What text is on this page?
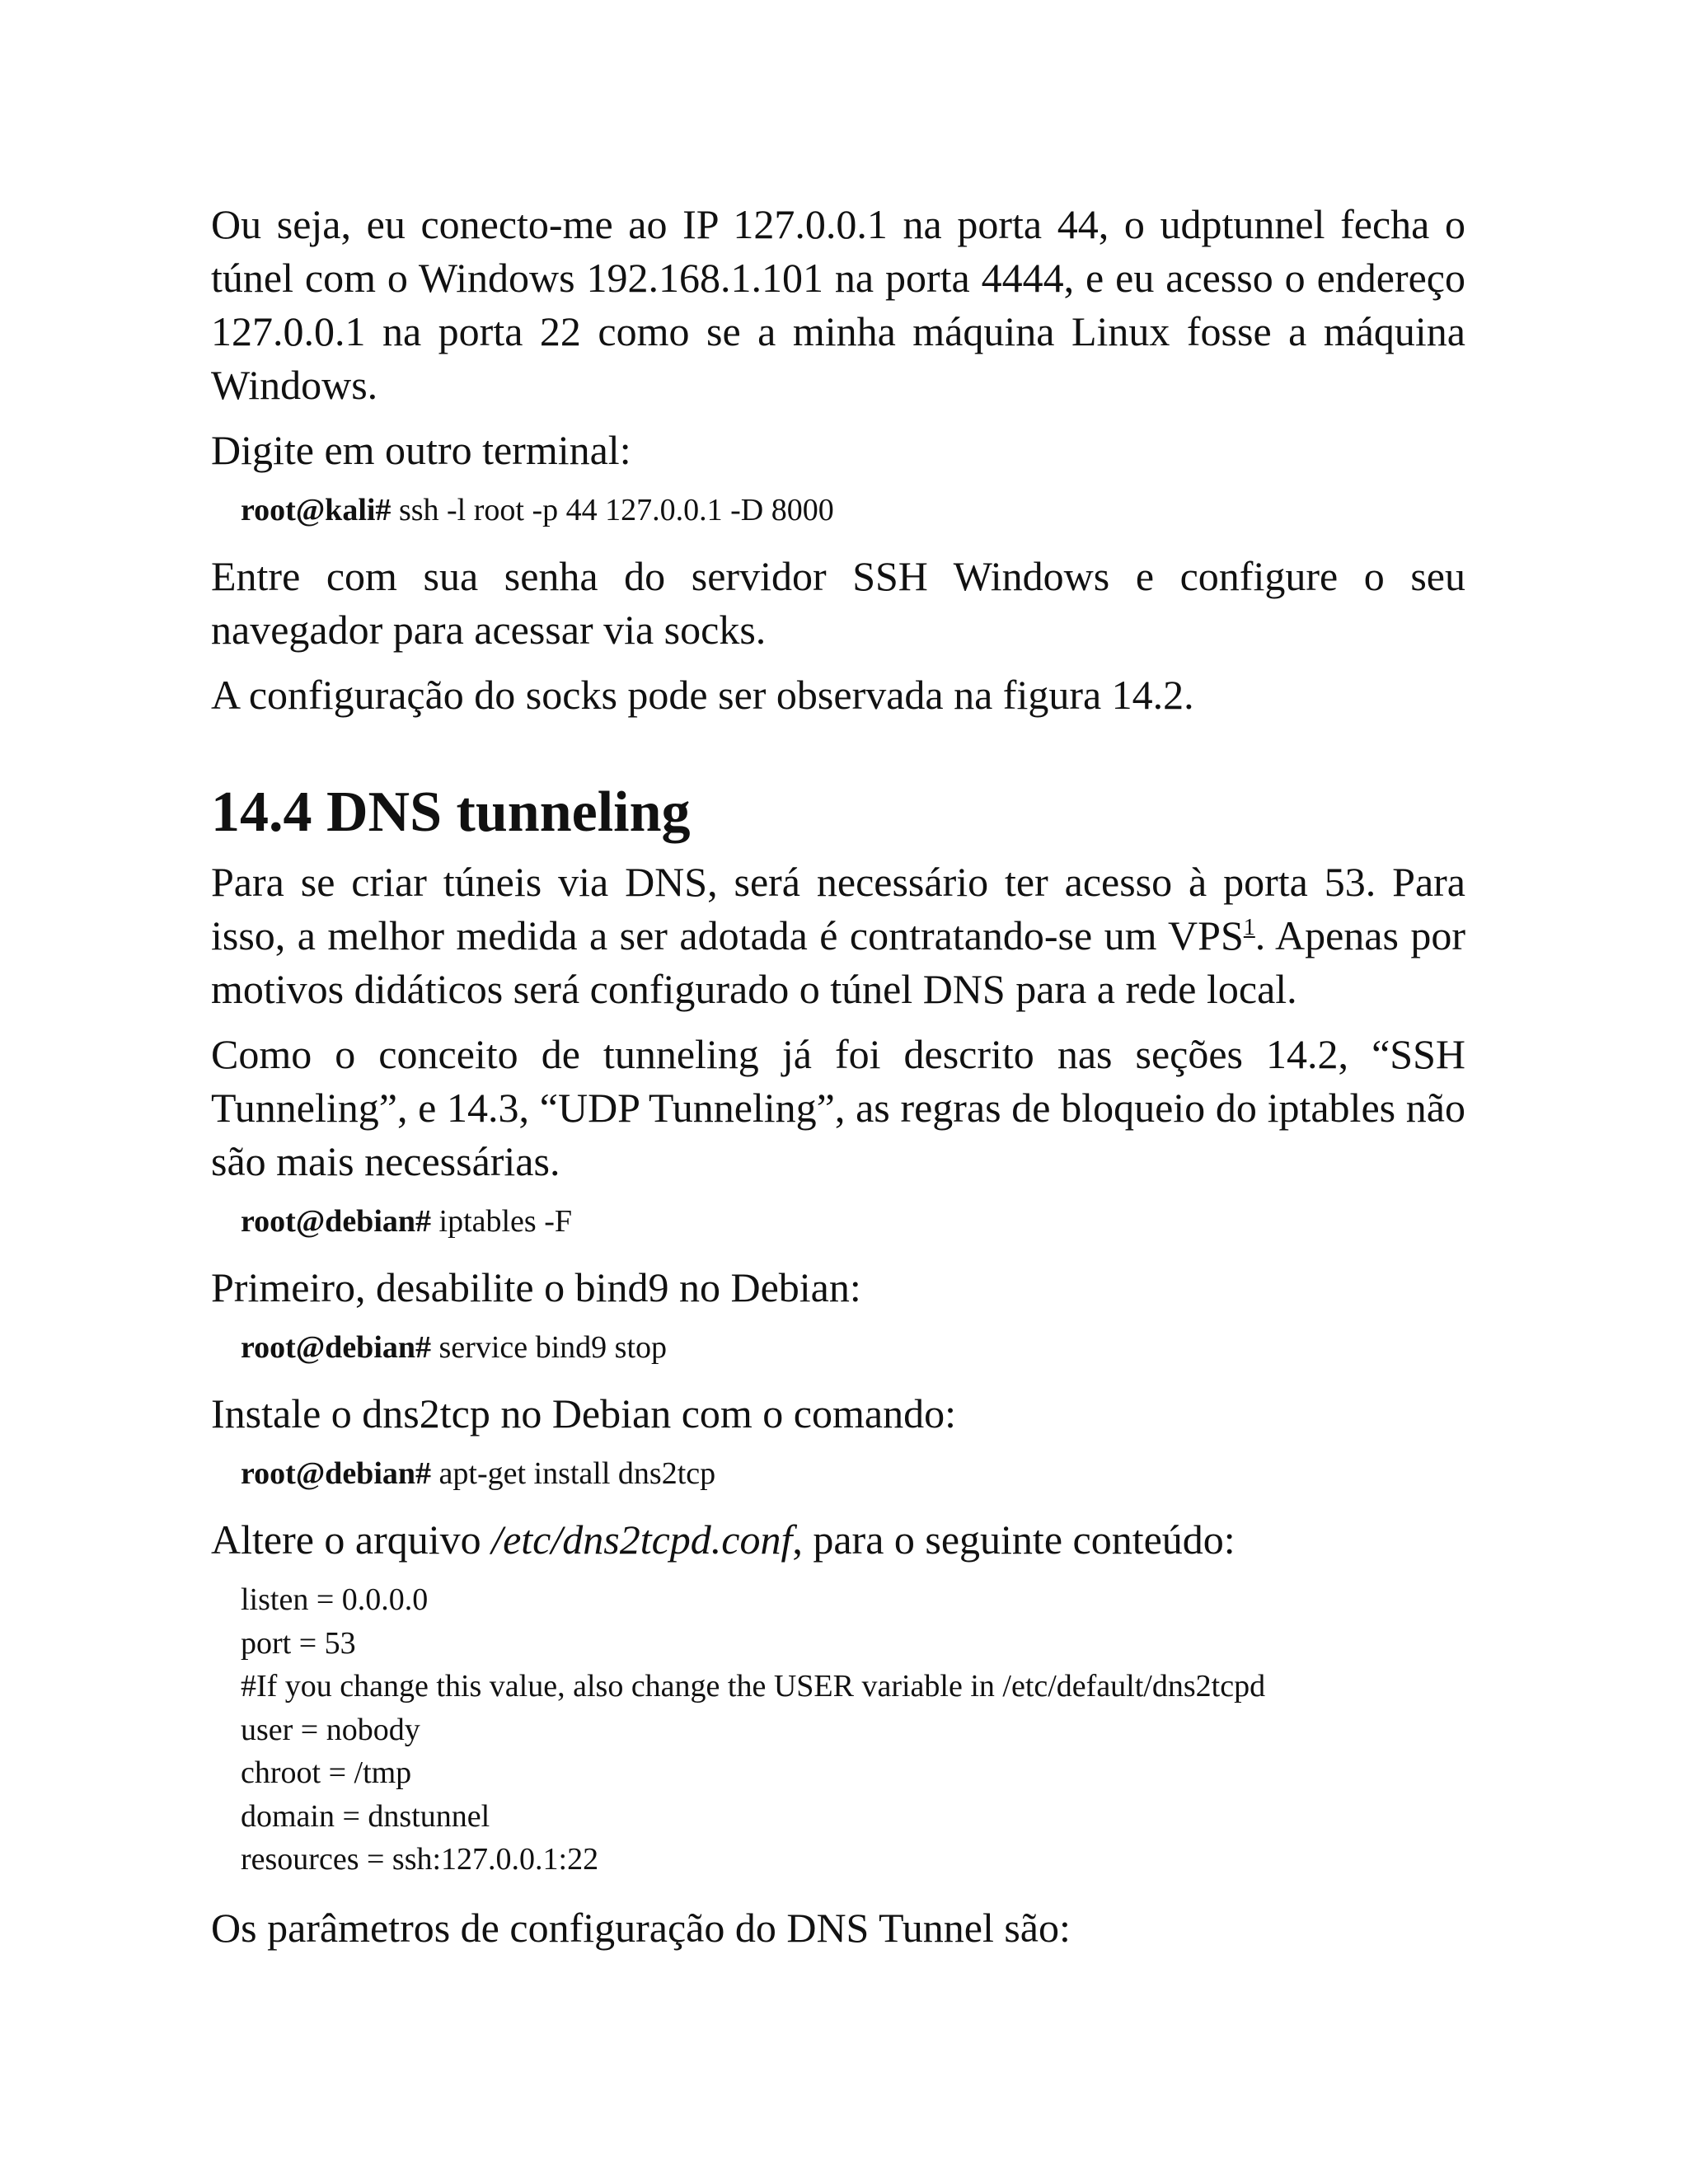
Ou seja, eu conecto-me ao IP 127.0.0.1 na porta 44, o udptunnel fecha o túnel com o Windows 192.168.1.101 na porta 4444, e eu acesso o endereço 127.0.0.1 na porta 22 como se a minha máquina Linux fosse a máquina Windows.

Digite em outro terminal:

root@kali# ssh -l root -p 44 127.0.0.1 -D 8000

Entre com sua senha do servidor SSH Windows e configure o seu navegador para acessar via socks.

A configuração do socks pode ser observada na figura 14.2.

14.4 DNS tunneling

Para se criar túneis via DNS, será necessário ter acesso à porta 53. Para isso, a melhor medida a ser adotada é contratando-se um VPS$^1$. Apenas por motivos didáticos será configurado o túnel DNS para a rede local.

Como o conceito de tunneling já foi descrito nas seções 14.2, “SSH Tunneling”, e 14.3, “UDP Tunneling”, as regras de bloqueio do iptables não são mais necessárias.

root@debian# iptables -F

Primeiro, desabilite o bind9 no Debian:

root@debian# service bind9 stop

Instale o dns2tcp no Debian com o comando:

root@debian# apt-get install dns2tcp

Altere o arquivo /etc/dns2tcpd.conf, para o seguinte conteúdo:

listen = 0.0.0.0
port = 53
#If you change this value, also change the USER variable in /etc/default/dns2tcpd
user = nobody
chroot = /tmp
domain = dnstunnel
resources = ssh:127.0.0.1:22

Os parâmetros de configuração do DNS Tunnel são:
